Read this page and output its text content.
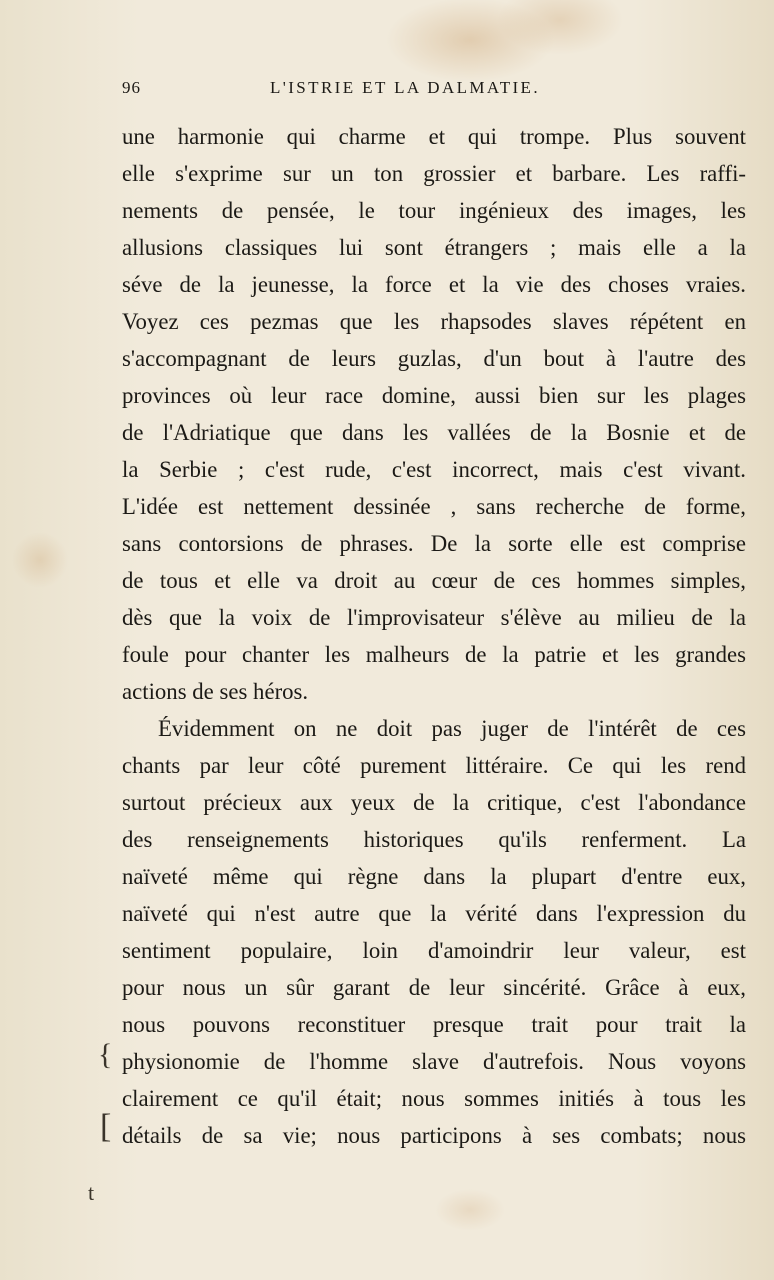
96	L'ISTRIE ET LA DALMATIE.
une harmonie qui charme et qui trompe. Plus souvent
elle s'exprime sur un ton grossier et barbare. Les raffi-
nements de pensée, le tour ingénieux des images, les
allusions classiques lui sont étrangers ; mais elle a la
séve de la jeunesse, la force et la vie des choses vraies.
Voyez ces pezmas que les rhapsodes slaves répétent en
s'accompagnant de leurs guzlas, d'un bout à l'autre des
provinces où leur race domine, aussi bien sur les plages
de l'Adriatique que dans les vallées de la Bosnie et de
la Serbie ; c'est rude, c'est incorrect, mais c'est vivant.
L'idée est nettement dessinée , sans recherche de forme,
sans contorsions de phrases. De la sorte elle est comprise
de tous et elle va droit au cœur de ces hommes simples,
dès que la voix de l'improvisateur s'élève au milieu de la
foule pour chanter les malheurs de la patrie et les grandes
actions de ses héros.
Évidemment on ne doit pas juger de l'intérêt de ces
chants par leur côté purement littéraire. Ce qui les rend
surtout précieux aux yeux de la critique, c'est l'abondance
des renseignements historiques qu'ils renferment. La
naïveté même qui règne dans la plupart d'entre eux,
naïveté qui n'est autre que la vérité dans l'expression du
sentiment populaire, loin d'amoindrir leur valeur, est
pour nous un sûr garant de leur sincérité. Grâce à eux,
nous pouvons reconstituer presque trait pour trait la
physionomie de l'homme slave d'autrefois. Nous voyons
clairement ce qu'il était; nous sommes initiés à tous les
détails de sa vie; nous participons à ses combats; nous
{
[
t
